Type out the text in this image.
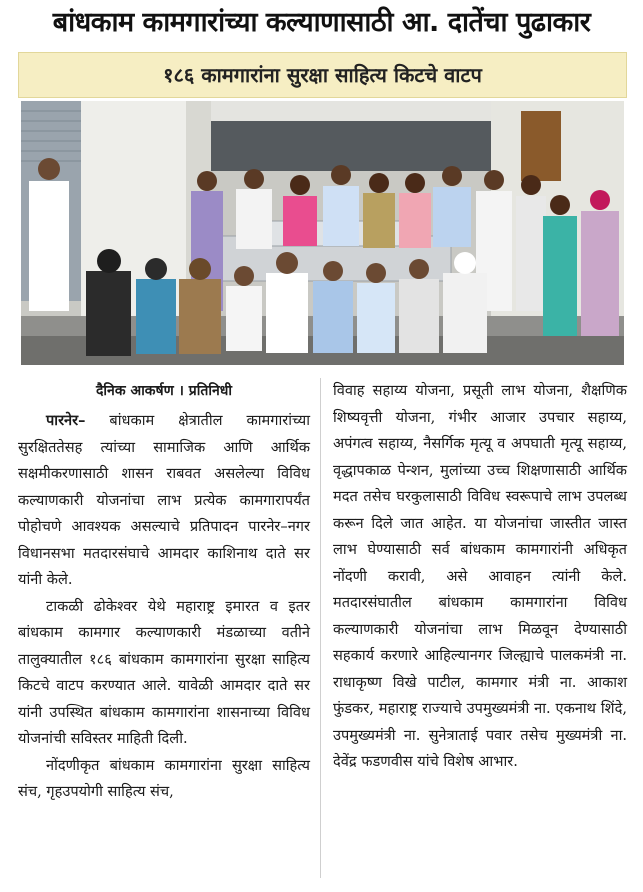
बांधकाम कामगारांच्या कल्याणासाठी आ. दातेंचा पुढाकार
१८६ कामगारांना सुरक्षा साहित्य किटचे वाटप
दैनिक आकर्षण । प्रतिनिधी

पारनेर– बांधकाम क्षेत्रातील कामगारांच्या सुरक्षिततेसह त्यांच्या सामाजिक आणि आर्थिक सक्षमीकरणासाठी शासन राबवत असलेल्या विविध कल्याणकारी योजनांचा लाभ प्रत्येक कामगारापर्यंत पोहोचणे आवश्यक असल्याचे प्रतिपादन पारनेर–नगर विधानसभा मतदारसंघाचे आमदार काशिनाथ दाते सर यांनी केले.

टाकळी ढोकेश्वर येथे महाराष्ट्र इमारत व इतर बांधकाम कामगार कल्याणकारी मंडळाच्या वतीने तालुक्यातील १८६ बांधकाम कामगारांना सुरक्षा साहित्य किटचे वाटप करण्यात आले. यावेळी आमदार दाते सर यांनी उपस्थित बांधकाम कामगारांना शासनाच्या विविध योजनांची सविस्तर माहिती दिली.

नोंदणीकृत बांधकाम कामगारांना सुरक्षा साहित्य संच, गृहउपयोगी साहित्य संच,

विवाह सहाय्य योजना, प्रसूती लाभ योजना, शैक्षणिक शिष्यवृत्ती योजना, गंभीर आजार उपचार सहाय्य, अपंगत्व सहाय्य, नैसर्गिक मृत्यू व अपघाती मृत्यू सहाय्य, वृद्धापकाळ पेन्शन, मुलांच्या उच्च शिक्षणासाठी आर्थिक मदत तसेच घरकुलासाठी विविध स्वरूपाचे लाभ उपलब्ध करून दिले जात आहेत. या योजनांचा जास्तीत जास्त लाभ घेण्यासाठी सर्व बांधकाम कामगारांनी अधिकृत नोंदणी करावी, असे आवाहन त्यांनी केले. मतदारसंघातील बांधकाम कामगारांना विविध कल्याणकारी योजनांचा लाभ मिळवून देण्यासाठी सहकार्य करणारे आहिल्यानगर जिल्ह्याचे पालकमंत्री ना. राधाकृष्ण विखे पाटील, कामगार मंत्री ना. आकाश फुंडकर, महाराष्ट्र राज्याचे उपमुख्यमंत्री ना. एकनाथ शिंदे, उपमुख्यमंत्री ना. सुनेत्राताई पवार तसेच मुख्यमंत्री ना. देवेंद्र फडणवीस यांचे विशेष आभार.
